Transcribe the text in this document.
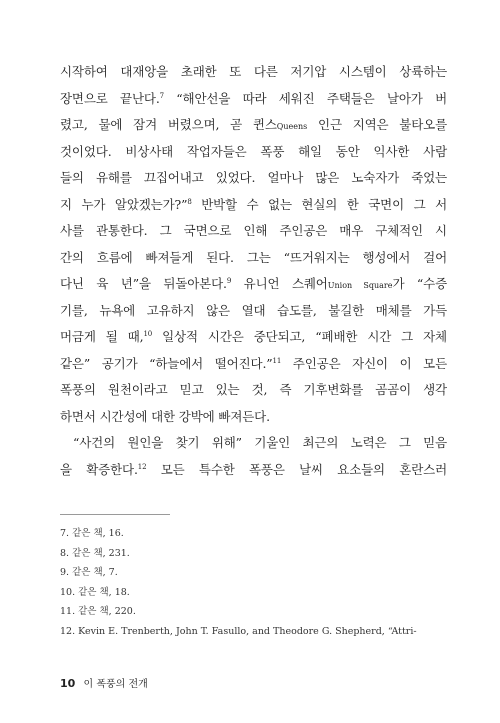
시작하여 대재앙을 초래한 또 다른 저기압 시스템이 상륙하는
장면으로 끝난다.$^7$ “해안선을 따라 세워진 주택들은 날아가 버
렸고, 물에 잠겨 버렸으며, 곧 퀸스Queens 인근 지역은 불타오를
것이었다. 비상사태 작업자들은 폭풍 해일 동안 익사한 사람
들의 유해를 끄집어내고 있었다. 얼마나 많은 노숙자가 죽었는
지 누가 알았겠는가?”$^8$ 반박할 수 없는 현실의 한 국면이 그 서
사를 관통한다. 그 국면으로 인해 주인공은 매우 구체적인 시
간의 흐름에 빠져들게 된다. 그는 “뜨거워지는 행성에서 걸어
다닌 육 년”을 뒤돌아본다.$^9$ 유니언 스퀘어Union Square가 “수증
기를, 뉴욕에 고유하지 않은 열대 습도를, 불길한 매체를 가득
머금게 될 때,$^{10}$ 일상적 시간은 중단되고, “폐배한 시간 그 자체
같은” 공기가 “하늘에서 떨어진다.”$^{11}$ 주인공은 자신이 이 모든
폭풍의 원천이라고 믿고 있는 것, 즉 기후변화를 곰곰이 생각
하면서 시간성에 대한 강박에 빠져든다.
“사건의 원인을 찾기 위해” 기울인 최근의 노력은 그 믿음
을 확증한다.$^{12}$ 모든 특수한 폭풍은 날씨 요소들의 혼란스러
7. 같은 책, 16.
8. 같은 책, 231.
9. 같은 책, 7.
10. 같은 책, 18.
11. 같은 책, 220.
12. Kevin E. Trenberth, John T. Fasullo, and Theodore G. Shepherd, “Attri-
10 이 폭풍의 전개
